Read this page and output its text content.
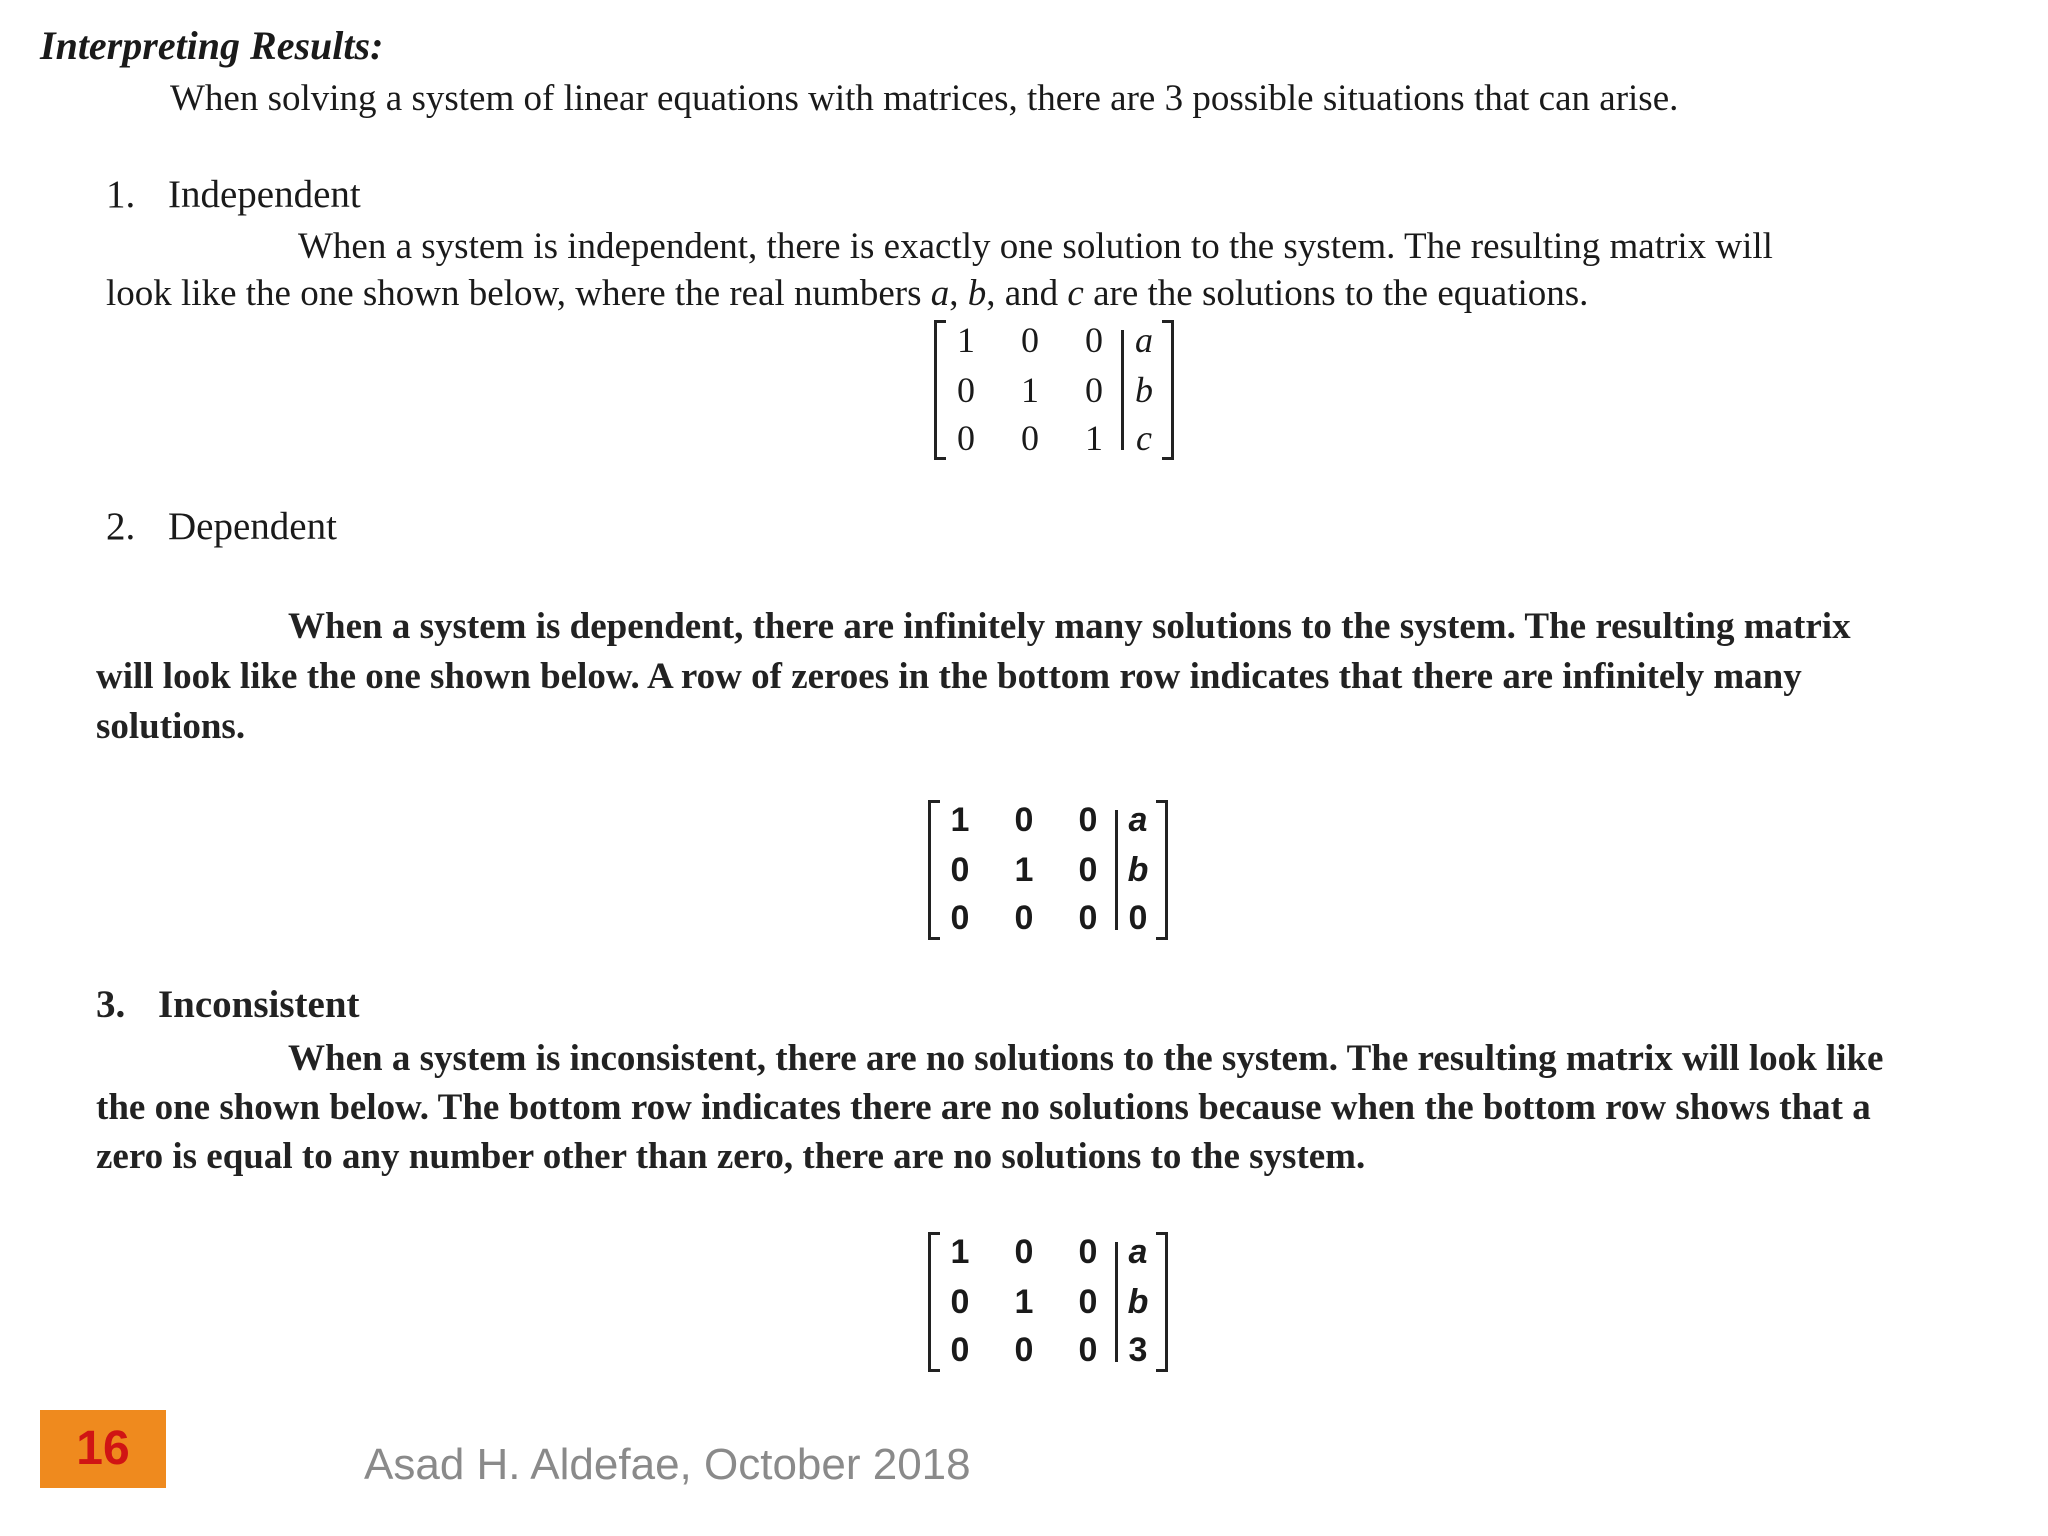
Interpreting Results:

When solving a system of linear equations with matrices, there are 3 possible situations that can arise.

1. Independent

When a system is independent, there is exactly one solution to the system. The resulting matrix will

look like the one shown below, where the real numbers a, b, and c are the solutions to the equations.

1	0	0 a
0	1	0 b
0	0	1 c
2. Dependent

When a system is dependent, there are infinitely many solutions to the system. The resulting matrix

will look like the one shown below. A row of zeroes in the bottom row indicates that there are infinitely many

solutions.

1	0	0 a
0	1	0 b
0	0	0 0
3. Inconsistent

When a system is inconsistent, there are no solutions to the system. The resulting matrix will look like

the one shown below. The bottom row indicates there are no solutions because when the bottom row shows that a

zero is equal to any number other than zero, there are no solutions to the system.

1	0	0 a
0	1	0 b
0	0	0 3
16	Asad H. Aldefae, October 2018
